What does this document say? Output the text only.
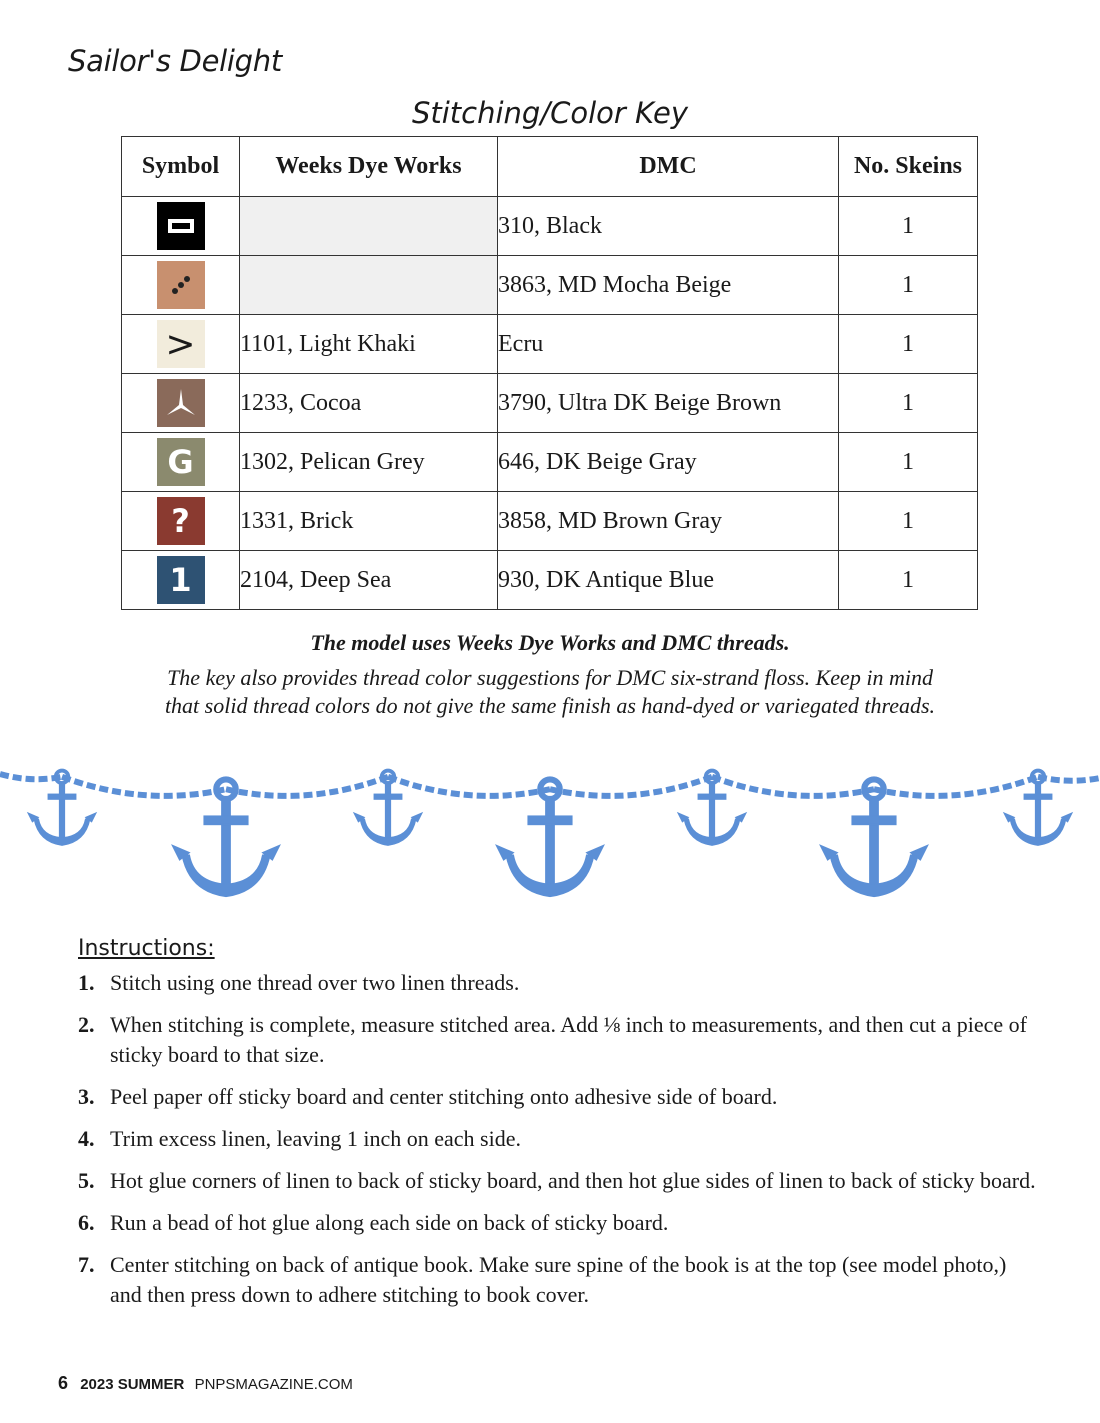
Sailor's Delight
Stitching/Color Key
Symbol	Weeks Dye Works	DMC	No. Skeins

		310, Black	1

		3863, MD Mocha Beige	1

>	1101, Light Khaki	Ecru	1

	1233, Cocoa	3790, Ultra DK Beige Brown	1

G	1302, Pelican Grey	646, DK Beige Gray	1

?	1331, Brick	3858, MD Brown Gray	1

1	2104, Deep Sea	930, DK Antique Blue	1
The model uses Weeks Dye Works and DMC threads.
The key also provides thread color suggestions for DMC six-strand floss. Keep in mind
that solid thread colors do not give the same finish as hand-dyed or variegated threads.
Instructions:
1. Stitch using one thread over two linen threads.
2. When stitching is complete, measure stitched area. Add ⅛ inch to measurements, and then cut a piece of sticky board to that size.
3. Peel paper off sticky board and center stitching onto adhesive side of board.
4. Trim excess linen, leaving 1 inch on each side.
5. Hot glue corners of linen to back of sticky board, and then hot glue sides of linen to back of sticky board.
6. Run a bead of hot glue along each side on back of sticky board.
7. Center stitching on back of antique book. Make sure spine of the book is at the top (see model photo,) and then press down to adhere stitching to book cover.
6 2023 SUMMER PNPSMAGAZINE.COM
